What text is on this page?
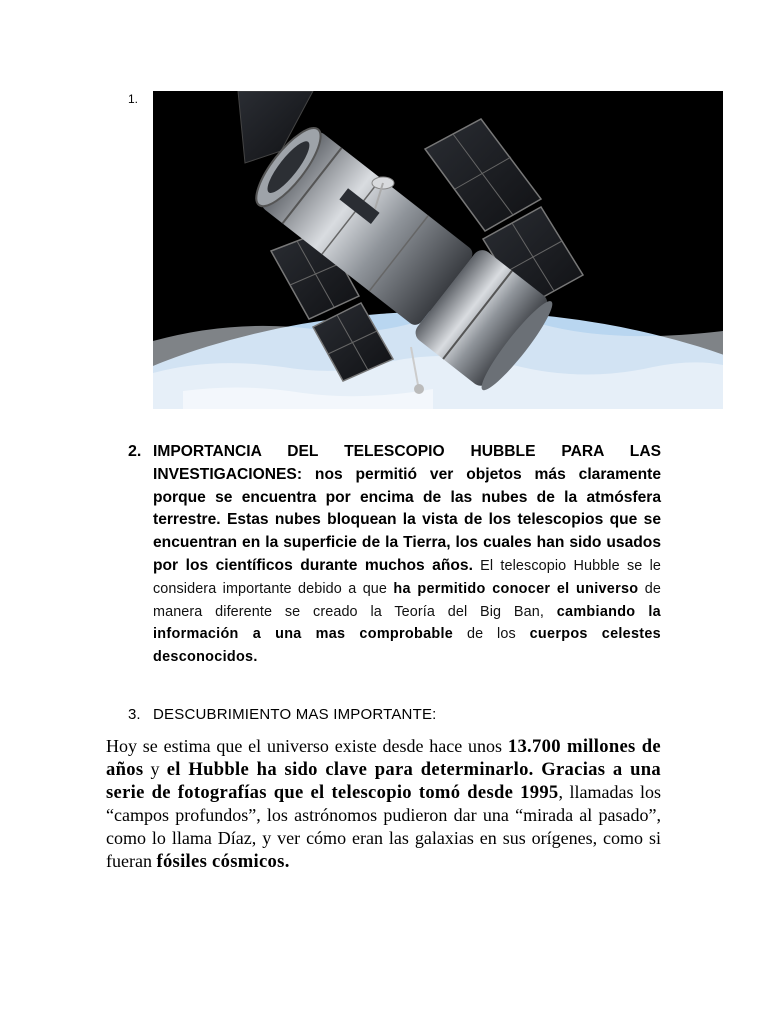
1.
2. IMPORTANCIA DEL TELESCOPIO HUBBLE PARA LAS INVESTIGACIONES: nos permitió ver objetos más claramente porque se encuentra por encima de las nubes de la atmósfera terrestre. Estas nubes bloquean la vista de los telescopios que se encuentran en la superficie de la Tierra, los cuales han sido usados por los científicos durante muchos años. El telescopio Hubble se le considera importante debido a que ha permitido conocer el universo de manera diferente se creado la Teoría del Big Ban, cambiando la información a una mas comprobable de los cuerpos celestes desconocidos.
3. DESCUBRIMIENTO MAS IMPORTANTE:
Hoy se estima que el universo existe desde hace unos 13.700 millones de años y el Hubble ha sido clave para determinarlo. Gracias a una serie de fotografías que el telescopio tomó desde 1995, llamadas los “campos profundos”, los astrónomos pudieron dar una “mirada al pasado”, como lo llama Díaz, y ver cómo eran las galaxias en sus orígenes, como si fueran fósiles cósmicos.
